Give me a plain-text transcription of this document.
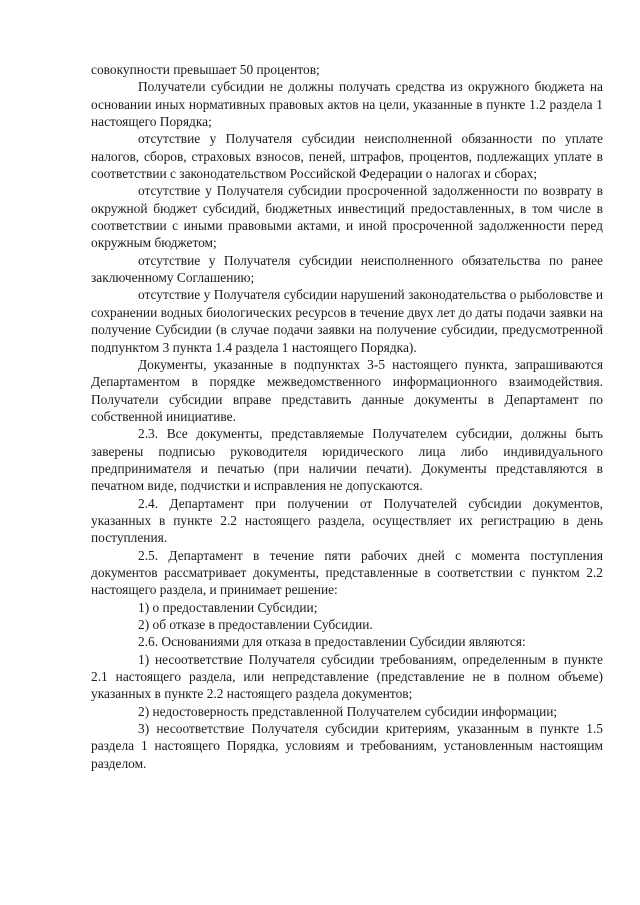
совокупности превышает 50 процентов;

Получатели субсидии не должны получать средства из окружного бюджета на основании иных нормативных правовых актов на цели, указанные в пункте 1.2 раздела 1 настоящего Порядка;

отсутствие у Получателя субсидии неисполненной обязанности по уплате налогов, сборов, страховых взносов, пеней, штрафов, процентов, подлежащих уплате в соответствии с законодательством Российской Федерации о налогах и сборах;

отсутствие у Получателя субсидии просроченной задолженности по возврату в окружной бюджет субсидий, бюджетных инвестиций предоставленных, в том числе в соответствии с иными правовыми актами, и иной просроченной задолженности перед окружным бюджетом;

отсутствие у Получателя субсидии неисполненного обязательства по ранее заключенному Соглашению;

отсутствие у Получателя субсидии нарушений законодательства о рыболовстве и сохранении водных биологических ресурсов в течение двух лет до даты подачи заявки на получение Субсидии (в случае подачи заявки на получение субсидии, предусмотренной подпунктом 3 пункта 1.4 раздела 1 настоящего Порядка).

Документы, указанные в подпунктах 3-5 настоящего пункта, запрашиваются Департаментом в порядке межведомственного информационного взаимодействия. Получатели субсидии вправе представить данные документы в Департамент по собственной инициативе.

2.3. Все документы, представляемые Получателем субсидии, должны быть заверены подписью руководителя юридического лица либо индивидуального предпринимателя и печатью (при наличии печати). Документы представляются в печатном виде, подчистки и исправления не допускаются.

2.4. Департамент при получении от Получателей субсидии документов, указанных в пункте 2.2 настоящего раздела, осуществляет их регистрацию в день поступления.

2.5. Департамент в течение пяти рабочих дней с момента поступления документов рассматривает документы, представленные в соответствии с пунктом 2.2 настоящего раздела, и принимает решение:

1) о предоставлении Субсидии;

2) об отказе в предоставлении Субсидии.

2.6. Основаниями для отказа в предоставлении Субсидии являются:

1) несоответствие Получателя субсидии требованиям, определенным в пункте 2.1 настоящего раздела, или непредставление (представление не в полном объеме) указанных в пункте 2.2 настоящего раздела документов;

2) недостоверность представленной Получателем субсидии информации;

3) несоответствие Получателя субсидии критериям, указанным в пункте 1.5 раздела 1 настоящего Порядка, условиям и требованиям, установленным настоящим разделом.
